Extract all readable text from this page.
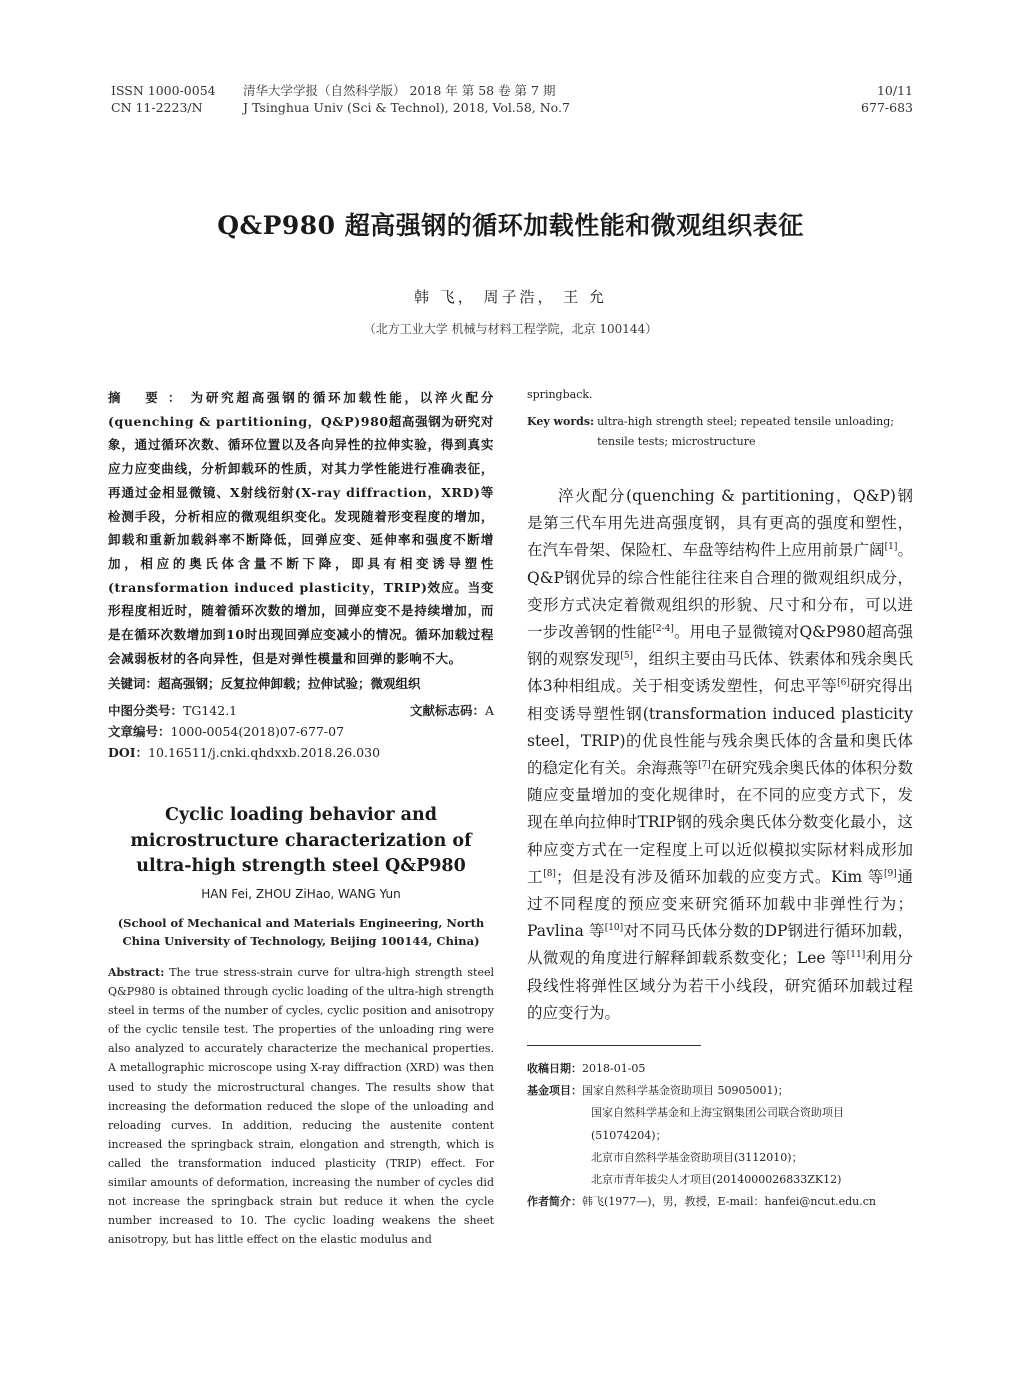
ISSN 1000-0054
CN 11-2223/N
清华大学学报（自然科学版） 2018 年 第 58 卷 第 7 期
J Tsinghua Univ (Sci & Technol), 2018, Vol.58, No.7
10/11
677-683
Q&P980 超高强钢的循环加载性能和微观组织表征
韩 飞， 周子浩， 王 允
（北方工业大学 机械与材料工程学院，北京 100144）
摘 要：为研究超高强钢的循环加载性能，以淬火配分(quenching & partitioning，Q&P)980超高强钢为研究对象，通过循环次数、循环位置以及各向异性的拉伸实验，得到真实应力应变曲线，分析卸载环的性质，对其力学性能进行准确表征，再通过金相显微镜、X射线衍射(X-ray diffraction，XRD)等检测手段，分析相应的微观组织变化。发现随着形变程度的增加，卸载和重新加载斜率不断降低，回弹应变、延伸率和强度不断增加，相应的奥氏体含量不断下降，即具有相变诱导塑性(transformation induced plasticity，TRIP)效应。当变形程度相近时，随着循环次数的增加，回弹应变不是持续增加，而是在循环次数增加到10时出现回弹应变减小的情况。循环加载过程会减弱板材的各向异性，但是对弹性模量和回弹的影响不大。
关键词：超高强钢；反复拉伸卸载；拉伸试验；微观组织
中图分类号：TG142.1	文献标志码：A
文章编号：1000-0054(2018)07-677-07
DOI：10.16511/j.cnki.qhdxxb.2018.26.030
Cyclic loading behavior and microstructure characterization of ultra-high strength steel Q&P980
HAN Fei, ZHOU ZiHao, WANG Yun
(School of Mechanical and Materials Engineering, North China University of Technology, Beijing 100144, China)
Abstract: The true stress-strain curve for ultra-high strength steel Q&P980 is obtained through cyclic loading of the ultra-high strength steel in terms of the number of cycles, cyclic position and anisotropy of the cyclic tensile test. The properties of the unloading ring were also analyzed to accurately characterize the mechanical properties. A metallographic microscope using X-ray diffraction (XRD) was then used to study the microstructural changes. The results show that increasing the deformation reduced the slope of the unloading and reloading curves. In addition, reducing the austenite content increased the springback strain, elongation and strength, which is called the transformation induced plasticity (TRIP) effect. For similar amounts of deformation, increasing the number of cycles did not increase the springback strain but reduce it when the cycle number increased to 10. The cyclic loading weakens the sheet anisotropy, but has little effect on the elastic modulus and
springback.
Key words: ultra-high strength steel; repeated tensile unloading; tensile tests; microstructure
淬火配分(quenching & partitioning，Q&P)钢是第三代车用先进高强度钢，具有更高的强度和塑性，在汽车骨架、保险杠、车盘等结构件上应用前景广阔[1]。Q&P钢优异的综合性能往往来自合理的微观组织成分，变形方式决定着微观组织的形貌、尺寸和分布，可以进一步改善钢的性能[2-4]。用电子显微镜对Q&P980超高强钢的观察发现[5]，组织主要由马氏体、铁素体和残余奥氏体3种相组成。关于相变诱发塑性，何忠平等[6]研究得出相变诱导塑性钢(transformation induced plasticity steel，TRIP)的优良性能与残余奥氏体的含量和奥氏体的稳定化有关。余海燕等[7]在研究残余奥氏体的体积分数随应变量增加的变化规律时，在不同的应变方式下，发现在单向拉伸时TRIP钢的残余奥氏体分数变化最小，这种应变方式在一定程度上可以近似模拟实际材料成形加工[8]；但是没有涉及循环加载的应变方式。Kim 等[9]通过不同程度的预应变来研究循环加载中非弹性行为；Pavlina 等[10]对不同马氏体分数的DP钢进行循环加载，从微观的角度进行解释卸载系数变化；Lee 等[11]利用分段线性将弹性区域分为若干小线段，研究循环加载过程的应变行为。
收稿日期： 2018-01-05
基金项目： 国家自然科学基金资助项目 50905001)；
国家自然科学基金和上海宝钢集团公司联合资助项目(51074204)；
北京市自然科学基金资助项目(3112010)；
北京市青年拔尖人才项目(2014000026833ZK12)
作者简介： 韩飞(1977—)，男，教授，E-mail：hanfei@ncut.edu.cn
